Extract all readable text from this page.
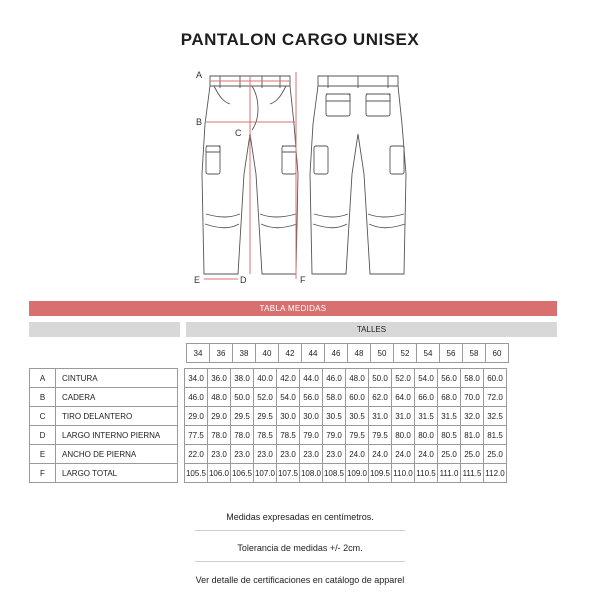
PANTALON CARGO UNISEX
A
B
C
D
E	F
TABLA MEDIDAS
TALLES
34	36	38	40	42	44	46	48	50	52	54	56	58	60
A	CINTURA		34.0	36.0	38.0	40.0	42.0	44.0	46.0	48.0	50.0	52.0	54.0	56.0	58.0	60.0
B	CADERA		46.0	48.0	50.0	52.0	54.0	56.0	58.0	60.0	62.0	64.0	66.0	68.0	70.0	72.0
C	TIRO DELANTERO		29.0	29.0	29.5	29.5	30.0	30.0	30.5	30.5	31.0	31.0	31.5	31.5	32.0	32.5
D	LARGO INTERNO PIERNA		77.5	78.0	78.0	78.5	78.5	79.0	79.0	79.5	79.5	80.0	80.0	80.5	81.0	81.5
E	ANCHO DE PIERNA		22.0	23.0	23.0	23.0	23.0	23.0	23.0	24.0	24.0	24.0	24.0	25.0	25.0	25.0
F	LARGO TOTAL		105.5	106.0	106.5	107.0	107.5	108.0	108.5	109.0	109.5	110.0	110.5	111.0	111.5	112.0
Medidas expresadas en centímetros.
Tolerancia de medidas +/- 2cm.
Ver detalle de certificaciones en catálogo de apparel
